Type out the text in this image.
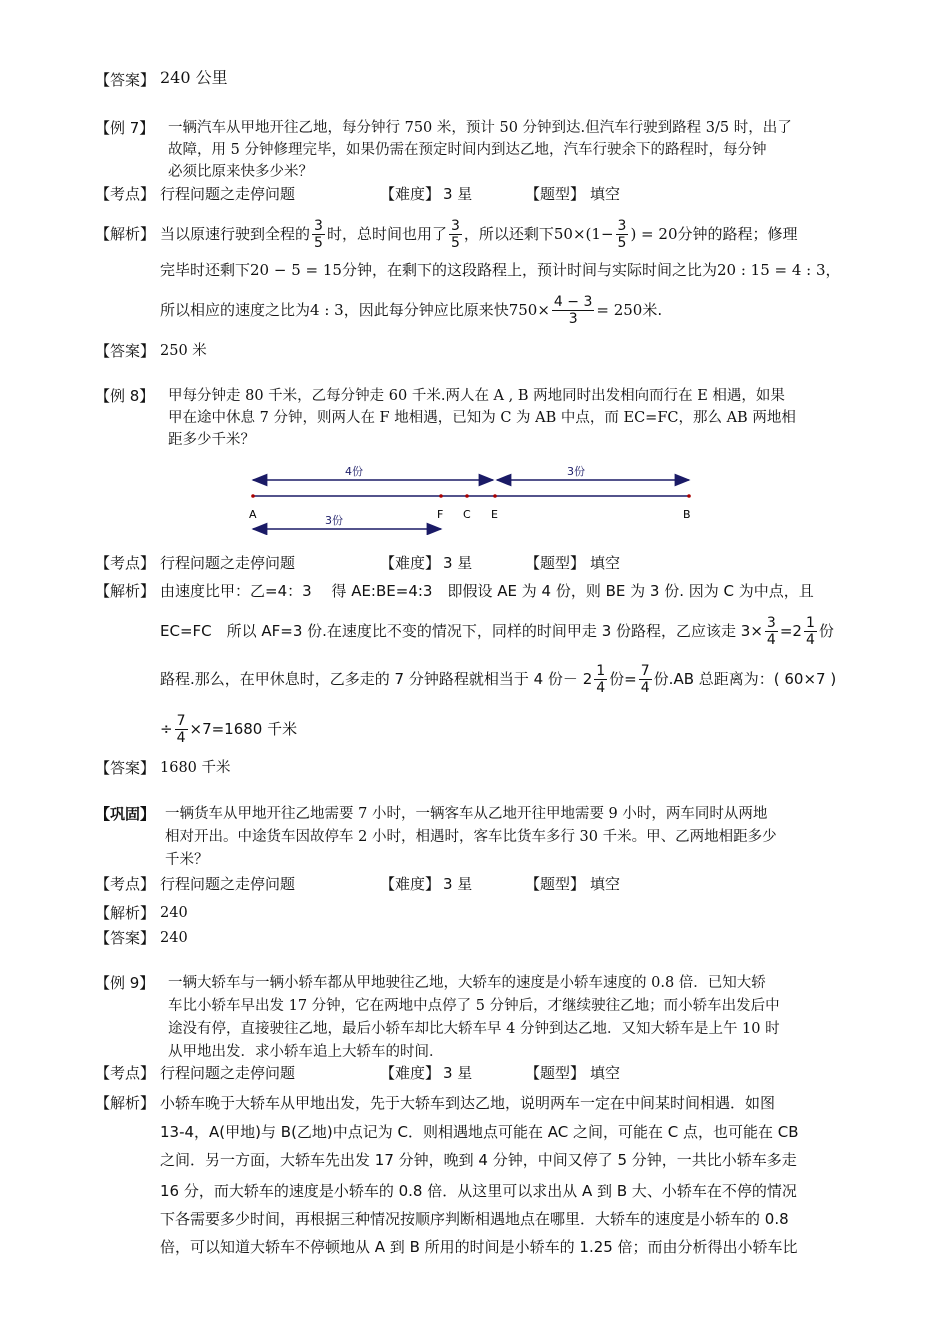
【答案】 240 公里
【例 7】 一辆汽车从甲地开往乙地，每分钟行 750 米，预计 50 分钟到达.但汽车行驶到路程 3/5 时，出了
故障，用 5 分钟修理完毕，如果仍需在预定时间内到达乙地，汽车行驶余下的路程时，每分钟
必须比原来快多少米？
【考点】 行程问题之走停问题	【难度】 3 星	【题型】 填空
【解析】 当以原速行驶到全程的 $\frac{3}{5}$ 时，总时间也用了 $\frac{3}{5}$ ，所以还剩下$50\times(1- \frac{3}{5}$ ) = 20分钟的路程；修理
完毕时还剩下20 − 5 = 15分钟，在剩下的这段路程上，预计时间与实际时间之比为20 : 15 = 4 : 3，
所以相应的速度之比为4 : 3，因此每分钟应比原来快$750\times \frac{4 - 3}{3} = 250$米.
【答案】 250 米
【例 8】 甲每分钟走 80 千米，乙每分钟走 60 千米.两人在 A , B 两地同时出发相向而行在 E 相遇，如果
甲在途中休息 7 分钟，则两人在 F 地相遇，已知为 C 为 AB 中点，而 EC=FC，那么 AB 两地相
距多少千米？
4份	3份
A	F C E	B
3份
【考点】 行程问题之走停问题	【难度】 3 星	【题型】 填空
【解析】 由速度比甲：乙=4：3　 得 AE:BE=4:3　即假设 AE 为 4 份，则 BE 为 3 份. 因为 C 为中点，且
EC=FC　所以 AF=3 份.在速度比不变的情况下，同样的时间甲走 3 份路程，乙应该走 $3\times \frac{3}{4} =2 \frac{1}{4}$ 份
路程.那么，在甲休息时，乙多走的 7 分钟路程就相当于 4 份－ $2 \frac{1}{4}$ 份= $\frac{7}{4}$ 份.AB 总距离为：( 60×7 )
÷ $\frac{7}{4} \times 7=1680$ 千米
【答案】 1680 千米
【巩固】 一辆货车从甲地开往乙地需要 7 小时，一辆客车从乙地开往甲地需要 9 小时，两车同时从两地
相对开出。中途货车因故停车 2 小时，相遇时，客车比货车多行 30 千米。甲、乙两地相距多少
千米？
【考点】 行程问题之走停问题	【难度】 3 星	【题型】 填空
【解析】 240
【答案】 240
【例 9】 一辆大轿车与一辆小轿车都从甲地驶往乙地，大轿车的速度是小轿车速度的 0.8 倍．已知大轿
车比小轿车早出发 17 分钟，它在两地中点停了 5 分钟后，才继续驶往乙地；而小轿车出发后中
途没有停，直接驶往乙地，最后小轿车却比大轿车早 4 分钟到达乙地．又知大轿车是上午 10 时
从甲地出发．求小轿车追上大轿车的时间．
【考点】 行程问题之走停问题	【难度】 3 星	【题型】 填空
【解析】 小轿车晚于大轿车从甲地出发，先于大轿车到达乙地，说明两车一定在中间某时间相遇．如图
13-4，A(甲地)与 B(乙地)中点记为 C．则相遇地点可能在 AC 之间，可能在 C 点，也可能在 CB
之间．另一方面，大轿车先出发 17 分钟，晚到 4 分钟，中间又停了 5 分钟，一共比小轿车多走
16 分，而大轿车的速度是小轿车的 0.8 倍．从这里可以求出从 A 到 B 大、小轿车在不停的情况
下各需要多少时间，再根据三种情况按顺序判断相遇地点在哪里．大轿车的速度是小轿车的 0.8
倍，可以知道大轿车不停顿地从 A 到 B 所用的时间是小轿车的 1.25 倍；而由分析得出小轿车比
